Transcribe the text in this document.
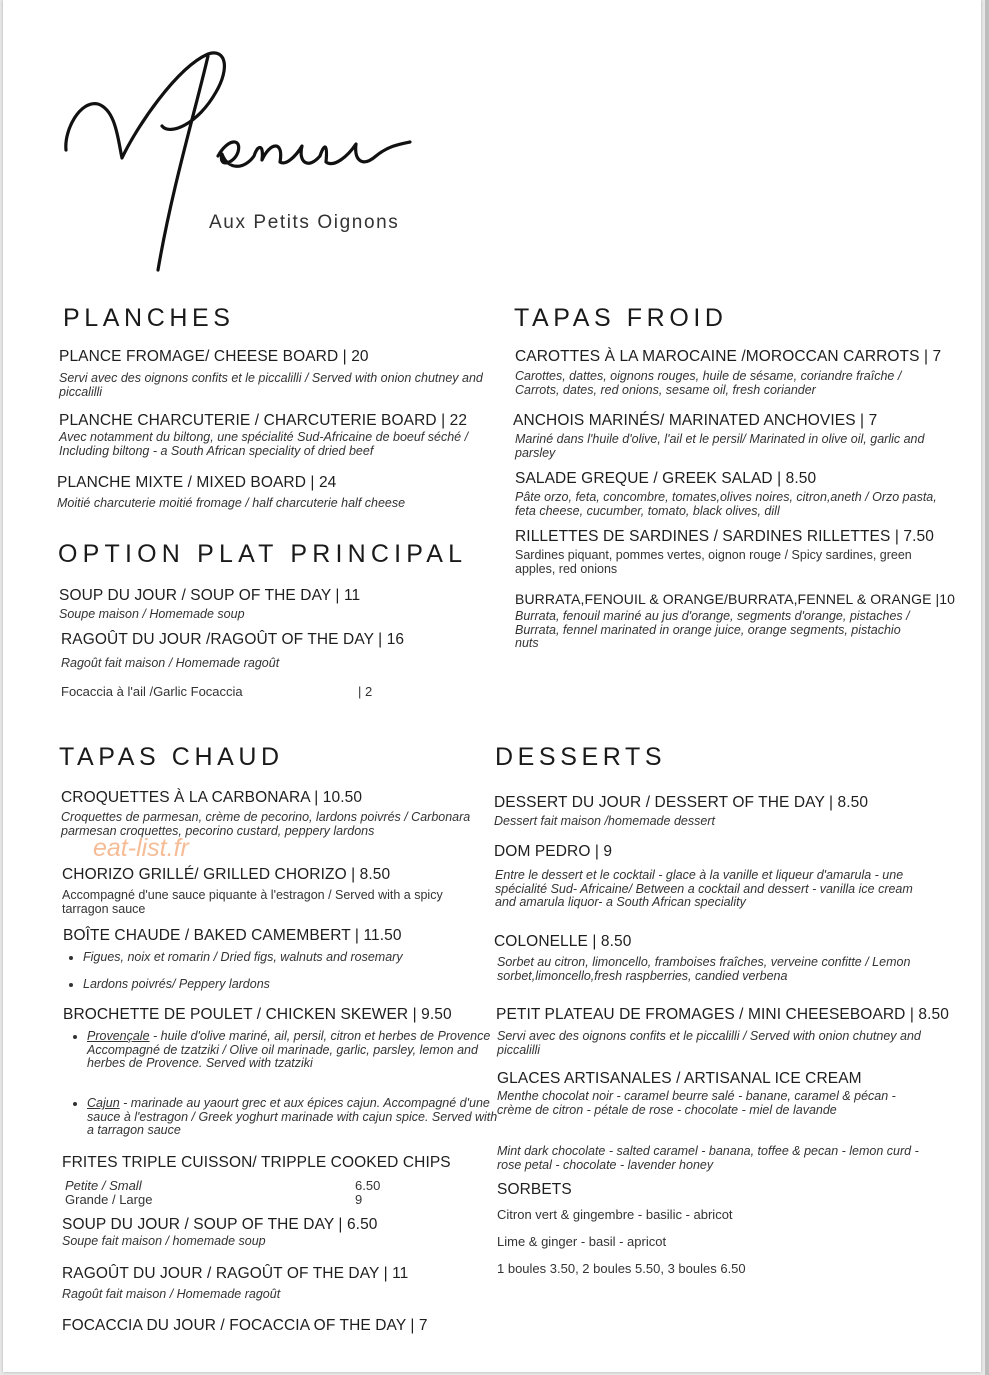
Aux Petits Oignons
PLANCHES
PLANCE FROMAGE/ CHEESE BOARD | 20
Servi avec des oignons confits et le piccalilli / Served with onion chutney and piccalilli
PLANCHE CHARCUTERIE / CHARCUTERIE BOARD | 22
Avec notamment du biltong, une spécialité Sud-Africaine de boeuf séché / Including biltong - a South African speciality of dried beef
PLANCHE MIXTE / MIXED BOARD | 24
Moitié charcuterie moitié fromage / half charcuterie half cheese
OPTION PLAT PRINCIPAL
SOUP DU JOUR / SOUP OF THE DAY | 11
Soupe maison / Homemade soup
RAGOÛT DU JOUR /RAGOÛT OF THE DAY | 16
Ragoût fait maison / Homemade ragoût
Focaccia à l'ail /Garlic Focaccia	| 2
TAPAS FROID
CAROTTES À LA MAROCAINE /MOROCCAN CARROTS | 7
Carottes, dattes, oignons rouges, huile de sésame, coriandre fraîche / Carrots, dates, red onions, sesame oil, fresh coriander
ANCHOIS MARINÉS/ MARINATED ANCHOVIES | 7
Mariné dans l'huile d'olive, l'ail et le persil/ Marinated in olive oil, garlic and parsley
SALADE GREQUE / GREEK SALAD | 8.50
Pâte orzo, feta, concombre, tomates,olives noires, citron,aneth / Orzo pasta, feta cheese, cucumber, tomato, black olives, dill
RILLETTES DE SARDINES / SARDINES RILLETTES | 7.50
Sardines piquant, pommes vertes, oignon rouge / Spicy sardines, green apples, red onions
BURRATA,FENOUIL & ORANGE/BURRATA,FENNEL & ORANGE |10
Burrata, fenouil mariné au jus d'orange, segments d'orange, pistaches / Burrata, fennel marinated in orange juice, orange segments, pistachio nuts
TAPAS CHAUD
CROQUETTES À LA CARBONARA | 10.50
Croquettes de parmesan, crème de pecorino, lardons poivrés / Carbonara parmesan croquettes, pecorino custard, peppery lardons
CHORIZO GRILLÉ/ GRILLED CHORIZO | 8.50
Accompagné d'une sauce piquante à l'estragon / Served with a spicy tarragon sauce
BOÎTE CHAUDE / BAKED CAMEMBERT | 11.50
• Figues, noix et romarin / Dried figs, walnuts and rosemary
• Lardons poivrés/ Peppery lardons
BROCHETTE DE POULET / CHICKEN SKEWER | 9.50
• Provençale - huile d'olive mariné, ail, persil, citron et herbes de Provence Accompagné de tzatziki / Olive oil marinade, garlic, parsley, lemon and herbes de Provence. Served with tzatziki
• Cajun - marinade au yaourt grec et aux épices cajun. Accompagné d'une sauce à l'estragon / Greek yoghurt marinade with cajun spice. Served with a tarragon sauce
FRITES TRIPLE CUISSON/ TRIPPLE COOKED CHIPS
Petite / Small	6.50
Grande / Large	9
SOUP DU JOUR / SOUP OF THE DAY | 6.50
Soupe fait maison / homemade soup
RAGOÛT DU JOUR / RAGOÛT OF THE DAY | 11
Ragoût fait maison / Homemade ragoût
FOCACCIA DU JOUR / FOCACCIA OF THE DAY | 7
DESSERTS
DESSERT DU JOUR / DESSERT OF THE DAY | 8.50
Dessert fait maison /homemade dessert
DOM PEDRO | 9
Entre le dessert et le cocktail - glace à la vanille et liqueur d'amarula - une spécialité Sud- Africaine/ Between a cocktail and dessert - vanilla ice cream and amarula liquor- a South African speciality
COLONELLE | 8.50
Sorbet au citron, limoncello, framboises fraîches, verveine confitte / Lemon sorbet,limoncello,fresh raspberries, candied verbena
PETIT PLATEAU DE FROMAGES / MINI CHEESEBOARD | 8.50
Servi avec des oignons confits et le piccalilli / Served with onion chutney and piccalilli
GLACES ARTISANALES / ARTISANAL ICE CREAM
Menthe chocolat noir - caramel beurre salé - banane, caramel & pécan - crème de citron - pétale de rose - chocolate - miel de lavande
Mint dark chocolate - salted caramel - banana, toffee & pecan - lemon curd - rose petal - chocolate - lavender honey
SORBETS
Citron vert & gingembre - basilic - abricot
Lime & ginger - basil - apricot
1 boules 3.50, 2 boules 5.50, 3 boules 6.50
eat-list.fr
